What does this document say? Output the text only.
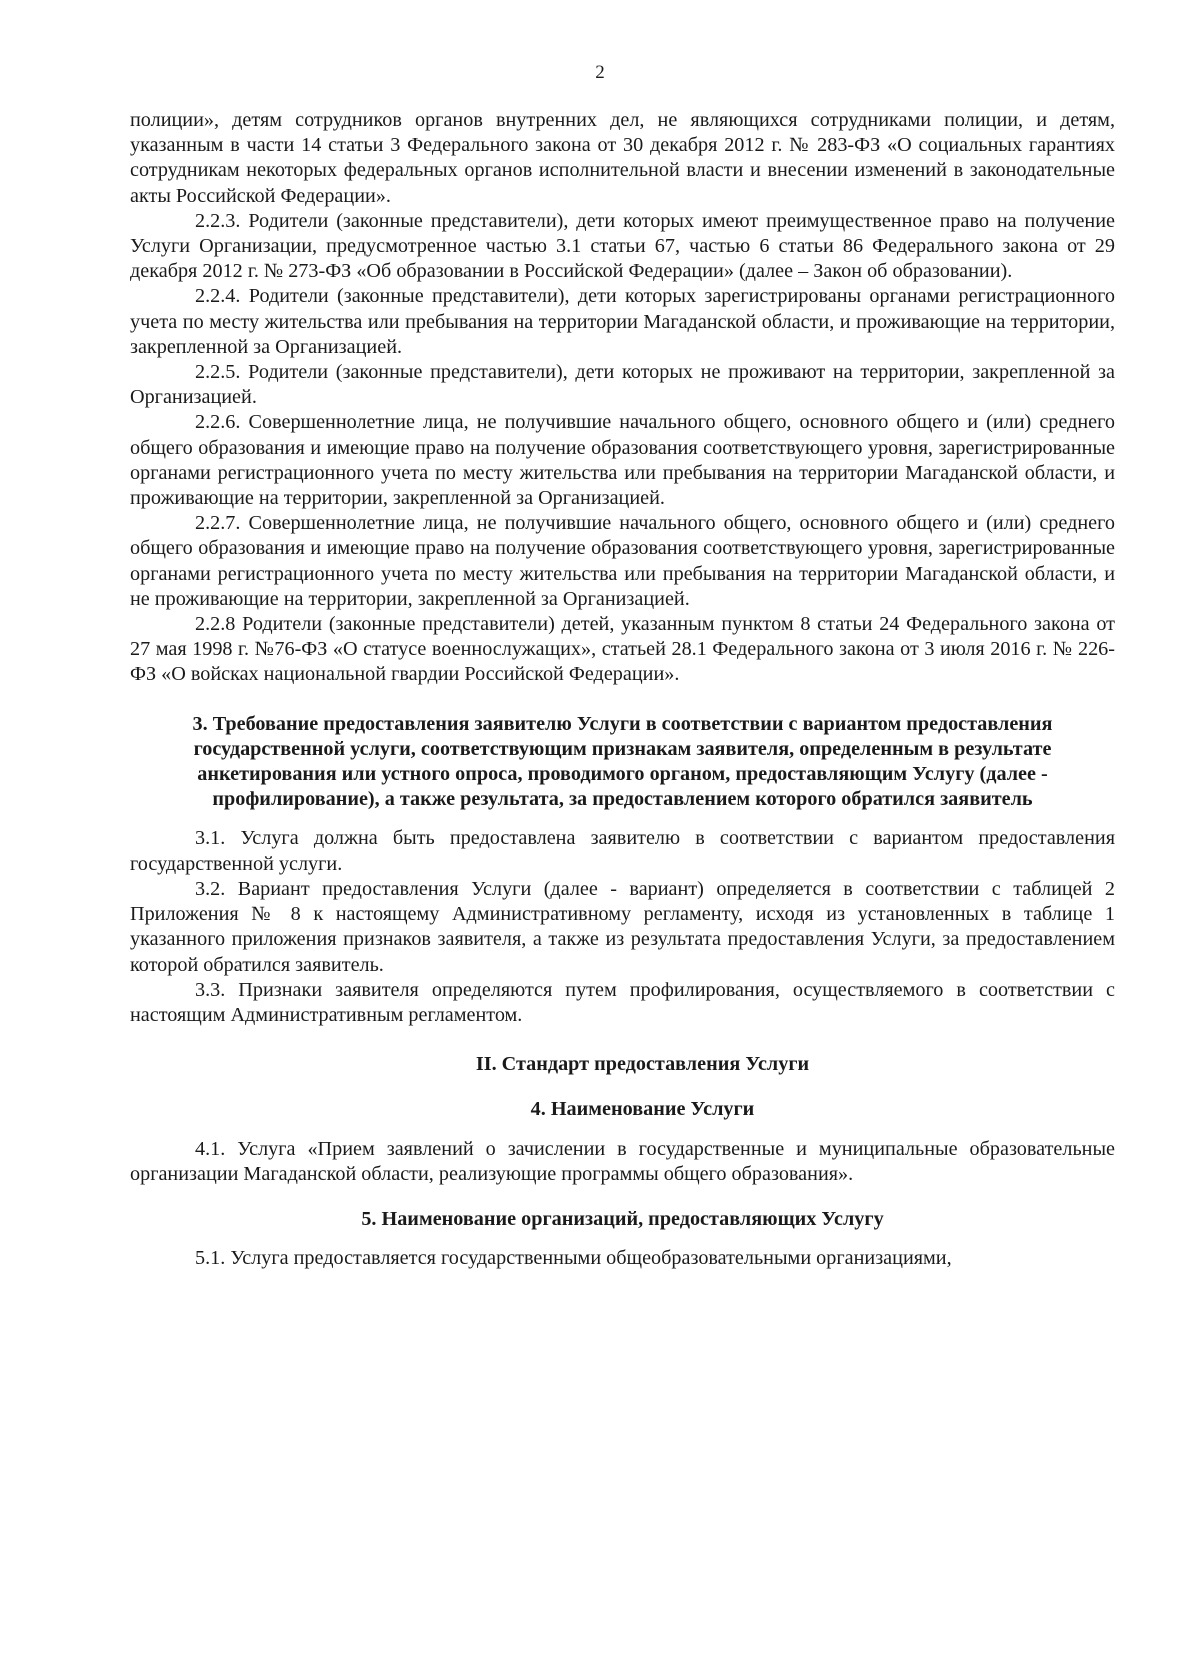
2

полиции», детям сотрудников органов внутренних дел, не являющихся сотрудниками полиции, и детям, указанным в части 14 статьи 3 Федерального закона от 30 декабря 2012 г. № 283-ФЗ «О социальных гарантиях сотрудникам некоторых федеральных органов исполнительной власти и внесении изменений в законодательные акты Российской Федерации».

2.2.3. Родители (законные представители), дети которых имеют преимущественное право на получение Услуги Организации, предусмотренное частью 3.1 статьи 67, частью 6 статьи 86 Федерального закона от 29 декабря 2012 г. № 273-ФЗ «Об образовании в Российской Федерации» (далее – Закон об образовании).

2.2.4. Родители (законные представители), дети которых зарегистрированы органами регистрационного учета по месту жительства или пребывания на территории Магаданской области, и проживающие на территории, закрепленной за Организацией.

2.2.5. Родители (законные представители), дети которых не проживают на территории, закрепленной за Организацией.

2.2.6. Совершеннолетние лица, не получившие начального общего, основного общего и (или) среднего общего образования и имеющие право на получение образования соответствующего уровня, зарегистрированные органами регистрационного учета по месту жительства или пребывания на территории Магаданской области, и проживающие на территории, закрепленной за Организацией.

2.2.7. Совершеннолетние лица, не получившие начального общего, основного общего и (или) среднего общего образования и имеющие право на получение образования соответствующего уровня, зарегистрированные органами регистрационного учета по месту жительства или пребывания на территории Магаданской области, и не проживающие на территории, закрепленной за Организацией.

2.2.8 Родители (законные представители) детей, указанным пунктом 8 статьи 24 Федерального закона от 27 мая 1998 г. №76-ФЗ «О статусе военнослужащих», статьей 28.1 Федерального закона от 3 июля 2016 г. № 226-ФЗ «О войсках национальной гвардии Российской Федерации».

3. Требование предоставления заявителю Услуги в соответствии с вариантом предоставления государственной услуги, соответствующим признакам заявителя, определенным в результате анкетирования или устного опроса, проводимого органом, предоставляющим Услугу (далее - профилирование), а также результата, за предоставлением которого обратился заявитель

3.1. Услуга должна быть предоставлена заявителю в соответствии с вариантом предоставления государственной услуги.

3.2. Вариант предоставления Услуги (далее - вариант) определяется в соответствии с таблицей 2 Приложения № 8 к настоящему Административному регламенту, исходя из установленных в таблице 1 указанного приложения признаков заявителя, а также из результата предоставления Услуги, за предоставлением которой обратился заявитель.

3.3. Признаки заявителя определяются путем профилирования, осуществляемого в соответствии с настоящим Административным регламентом.

II. Стандарт предоставления Услуги

4. Наименование Услуги

4.1. Услуга «Прием заявлений о зачислении в государственные и муниципальные образовательные организации Магаданской области, реализующие программы общего образования».

5. Наименование организаций, предоставляющих Услугу

5.1. Услуга предоставляется государственными общеобразовательными организациями,
